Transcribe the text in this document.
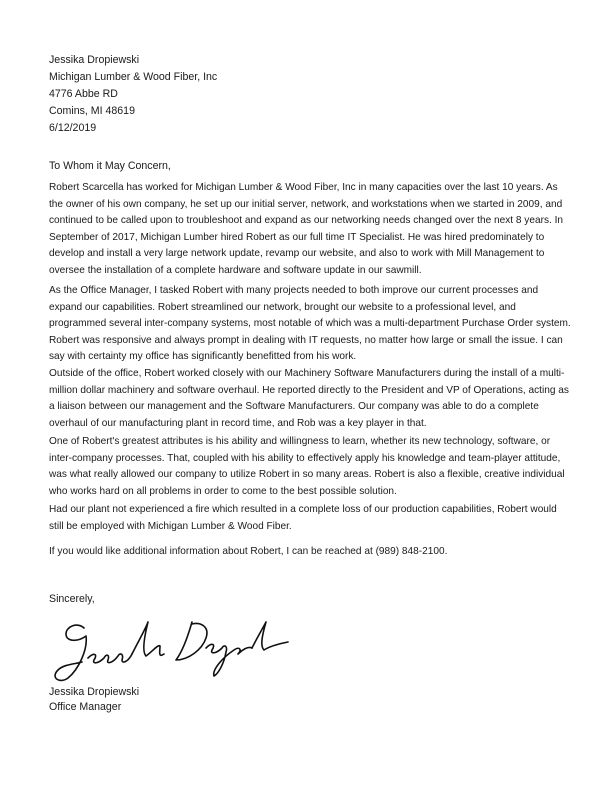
Jessika Dropiewski
Michigan Lumber & Wood Fiber, Inc
4776 Abbe RD
Comins, MI 48619
6/12/2019
To Whom it May Concern,

Robert Scarcella has worked for Michigan Lumber & Wood Fiber, Inc in many capacities over the last 10 years. As the owner of his own company, he set up our initial server, network, and workstations when we started in 2009, and continued to be called upon to troubleshoot and expand as our networking needs changed over the next 8 years. In September of 2017, Michigan Lumber hired Robert as our full time IT Specialist. He was hired predominately to develop and install a very large network update, revamp our website, and also to work with Mill Management to oversee the installation of a complete hardware and software update in our sawmill.

As the Office Manager, I tasked Robert with many projects needed to both improve our current processes and expand our capabilities. Robert streamlined our network, brought our website to a professional level, and programmed several inter-company systems, most notable of which was a multi-department Purchase Order system. Robert was responsive and always prompt in dealing with IT requests, no matter how large or small the issue. I can say with certainty my office has significantly benefitted from his work.

Outside of the office, Robert worked closely with our Machinery Software Manufacturers during the install of a multi-million dollar machinery and software overhaul. He reported directly to the President and VP of Operations, acting as a liaison between our management and the Software Manufacturers. Our company was able to do a complete overhaul of our manufacturing plant in record time, and Rob was a key player in that.

One of Robert's greatest attributes is his ability and willingness to learn, whether its new technology, software, or inter-company processes. That, coupled with his ability to effectively apply his knowledge and team-player attitude, was what really allowed our company to utilize Robert in so many areas. Robert is also a flexible, creative individual who works hard on all problems in order to come to the best possible solution.

Had our plant not experienced a fire which resulted in a complete loss of our production capabilities, Robert would still be employed with Michigan Lumber & Wood Fiber.

If you would like additional information about Robert, I can be reached at (989) 848-2100.

Sincerely,
Jessika Dropiewski
Office Manager
